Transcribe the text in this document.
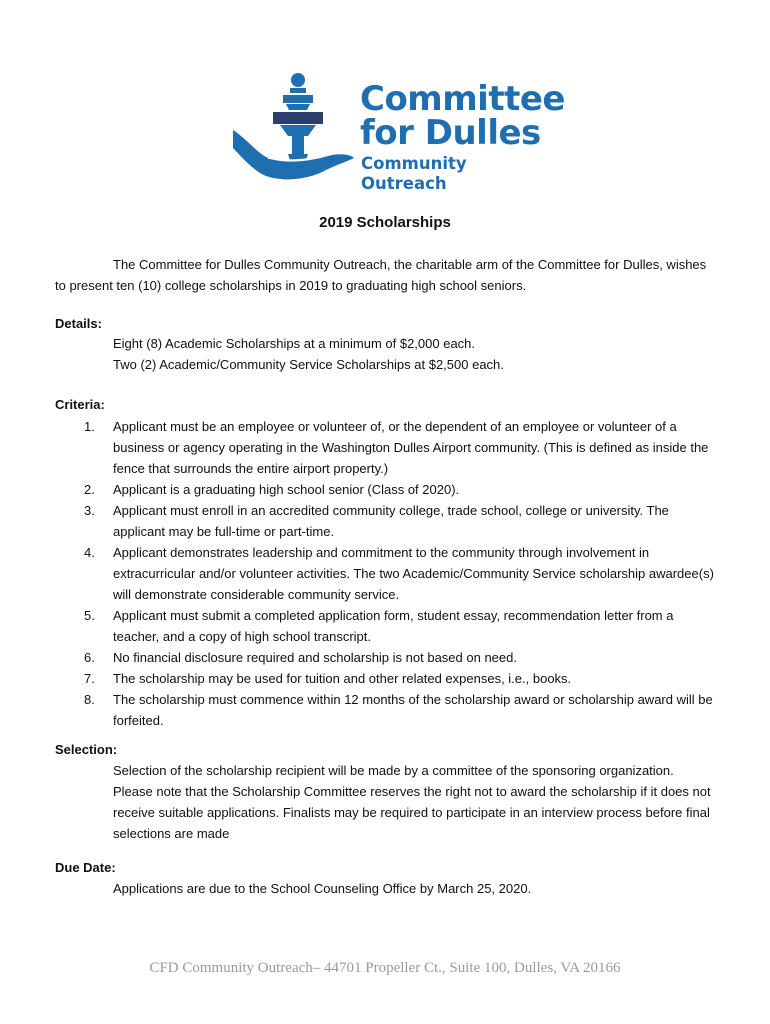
Committee
for Dulles
Community Outreach
2019 Scholarships
The Committee for Dulles Community Outreach, the charitable arm of the Committee for Dulles, wishes to present ten (10) college scholarships in 2019 to graduating high school seniors.
Details:

Eight (8) Academic Scholarships at a minimum of $2,000 each.

Two (2) Academic/Community Service Scholarships at $2,500 each.

Criteria:
1. Applicant must be an employee or volunteer of, or the dependent of an employee or volunteer of a business or agency operating in the Washington Dulles Airport community. (This is defined as inside the fence that surrounds the entire airport property.)
2. Applicant is a graduating high school senior (Class of 2020).
3. Applicant must enroll in an accredited community college, trade school, college or university. The applicant may be full-time or part-time.
4. Applicant demonstrates leadership and commitment to the community through involvement in extracurricular and/or volunteer activities. The two Academic/Community Service scholarship awardee(s) will demonstrate considerable community service.
5. Applicant must submit a completed application form, student essay, recommendation letter from a teacher, and a copy of high school transcript.
6. No financial disclosure required and scholarship is not based on need.
7. The scholarship may be used for tuition and other related expenses, i.e., books.
8. The scholarship must commence within 12 months of the scholarship award or scholarship award will be forfeited.
Selection:
Selection of the scholarship recipient will be made by a committee of the sponsoring organization. Please note that the Scholarship Committee reserves the right not to award the scholarship if it does not receive suitable applications. Finalists may be required to participate in an interview process before final selections are made
Due Date:
Applications are due to the School Counseling Office by March 25, 2020.
CFD Community Outreach– 44701 Propeller Ct., Suite 100, Dulles, VA 20166
